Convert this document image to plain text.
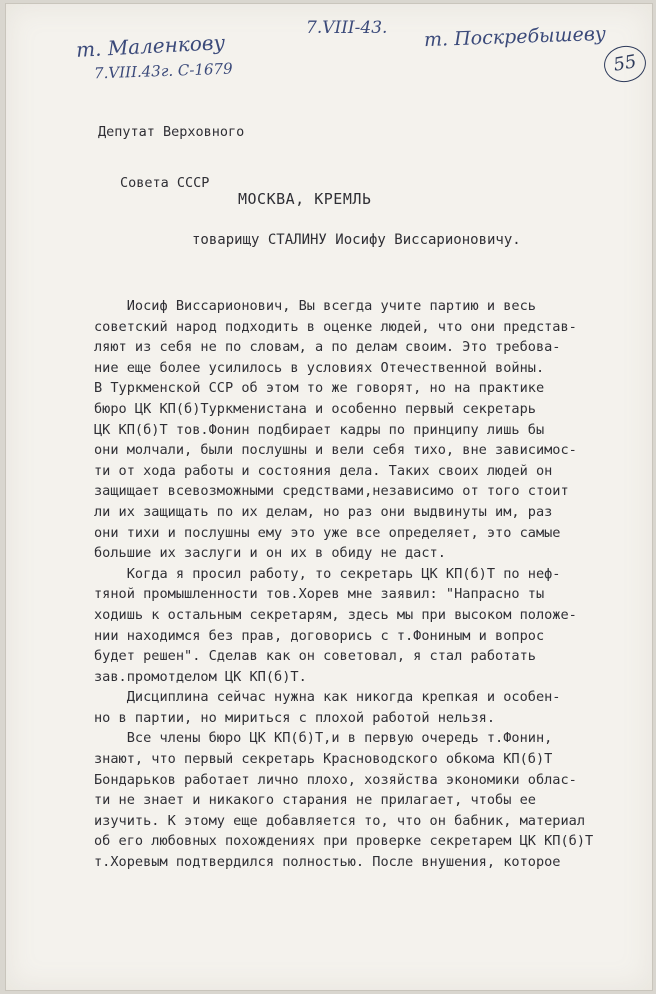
т. Маленкову
7.VIII.43г. С-1679
7.VIII-43. т. Поскребышеву
55

Депутат Верховного

Совета СССР

МОСКВА, КРЕМЛЬ
товарищу СТАЛИНУ Иосифу Виссарионовичу.
Иосиф Виссарионович, Вы всегда учите партию и весь
советский народ подходить в оценке людей, что они представ-
ляют из себя не по словам, а по делам своим. Это требова-
ние еще более усилилось в условиях Отечественной войны.
В Туркменской ССР об этом то же говорят, но на практике
бюро ЦК КП(б)Туркменистана и особенно первый секретарь
ЦК КП(б)Т тов.Фонин подбирает кадры по принципу лишь бы
они молчали, были послушны и вели себя тихо, вне зависимос-
ти от хода работы и состояния дела. Таких своих людей он
защищает всевозможными средствами,независимо от того стоит
ли их защищать по их делам, но раз они выдвинуты им, раз
они тихи и послушны ему это уже все определяет, это самые
большие их заслуги и он их в обиду не даст.
Когда я просил работу, то секретарь ЦК КП(б)Т по неф-
тяной промышленности тов.Хорев мне заявил: "Напрасно ты
ходишь к остальным секретарям, здесь мы при высоком положе-
нии находимся без прав, договорись с т.Фониным и вопрос
будет решен". Сделав как он советовал, я стал работать
зав.промотделом ЦК КП(б)Т.
Дисциплина сейчас нужна как никогда крепкая и особен-
но в партии, но мириться с плохой работой нельзя.
Все члены бюро ЦК КП(б)Т,и в первую очередь т.Фонин,
знают, что первый секретарь Красноводского обкома КП(б)Т
Бондарьков работает лично плохо, хозяйства экономики облас-
ти не знает и никакого старания не прилагает, чтобы ее
изучить. К этому еще добавляется то, что он бабник, материал
об его любовных похождениях при проверке секретарем ЦК КП(б)Т
т.Хоревым подтвердился полностью. После внушения, которое
